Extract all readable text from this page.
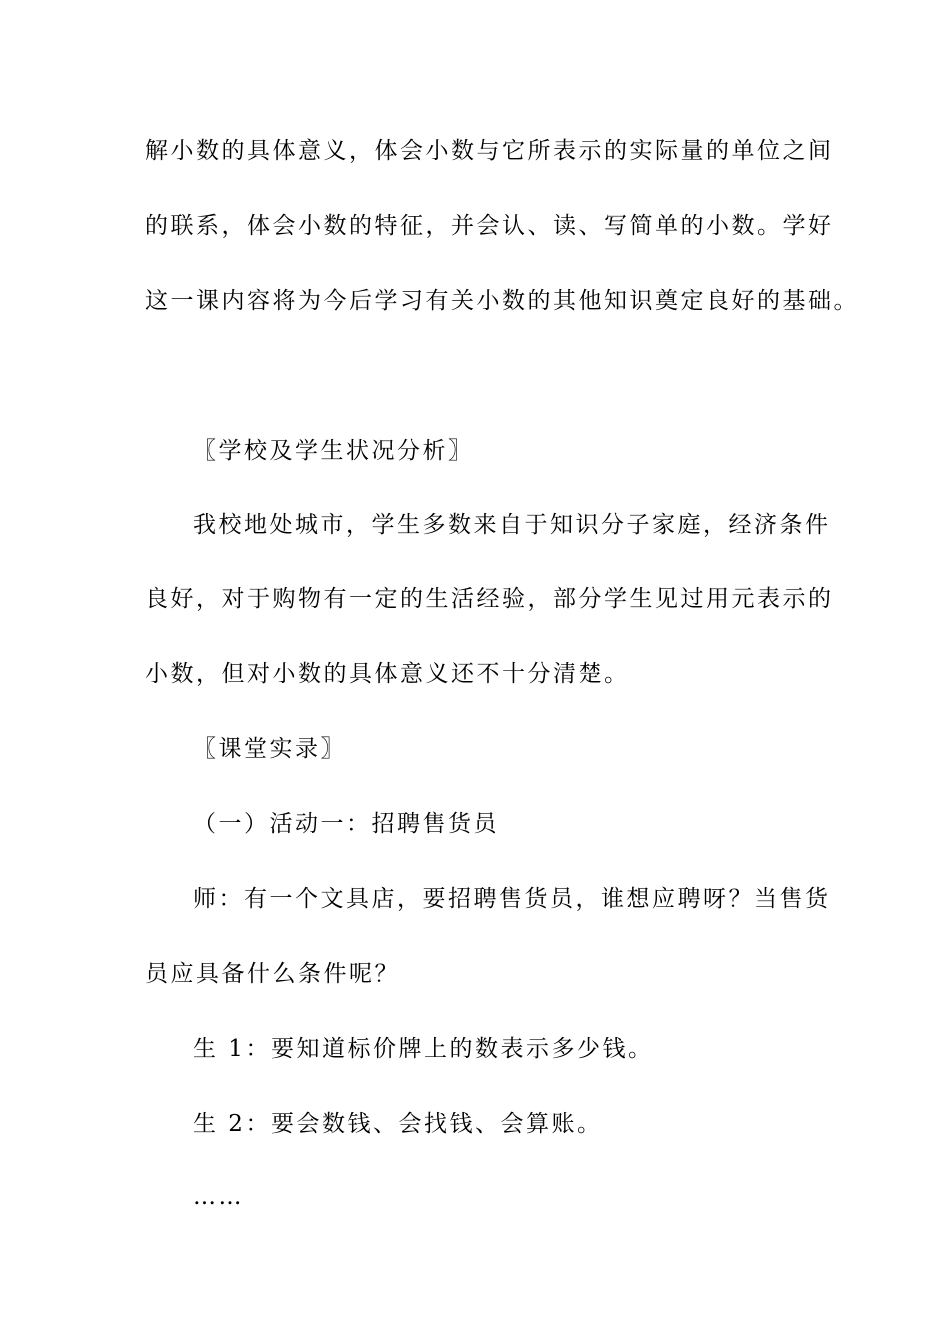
解小数的具体意义，体会小数与它所表示的实际量的单位之间
的联系，体会小数的特征，并会认、读、写简单的小数。学好
这一课内容将为今后学习有关小数的其他知识奠定良好的基础。
〖学校及学生状况分析〗
我校地处城市，学生多数来自于知识分子家庭，经济条件
良好，对于购物有一定的生活经验，部分学生见过用元表示的
小数，但对小数的具体意义还不十分清楚。
〖课堂实录〗
（一）活动一：招聘售货员
师：有一个文具店，要招聘售货员，谁想应聘呀？当售货
员应具备什么条件呢？
生 1：要知道标价牌上的数表示多少钱。
生 2：要会数钱、会找钱、会算账。
……
